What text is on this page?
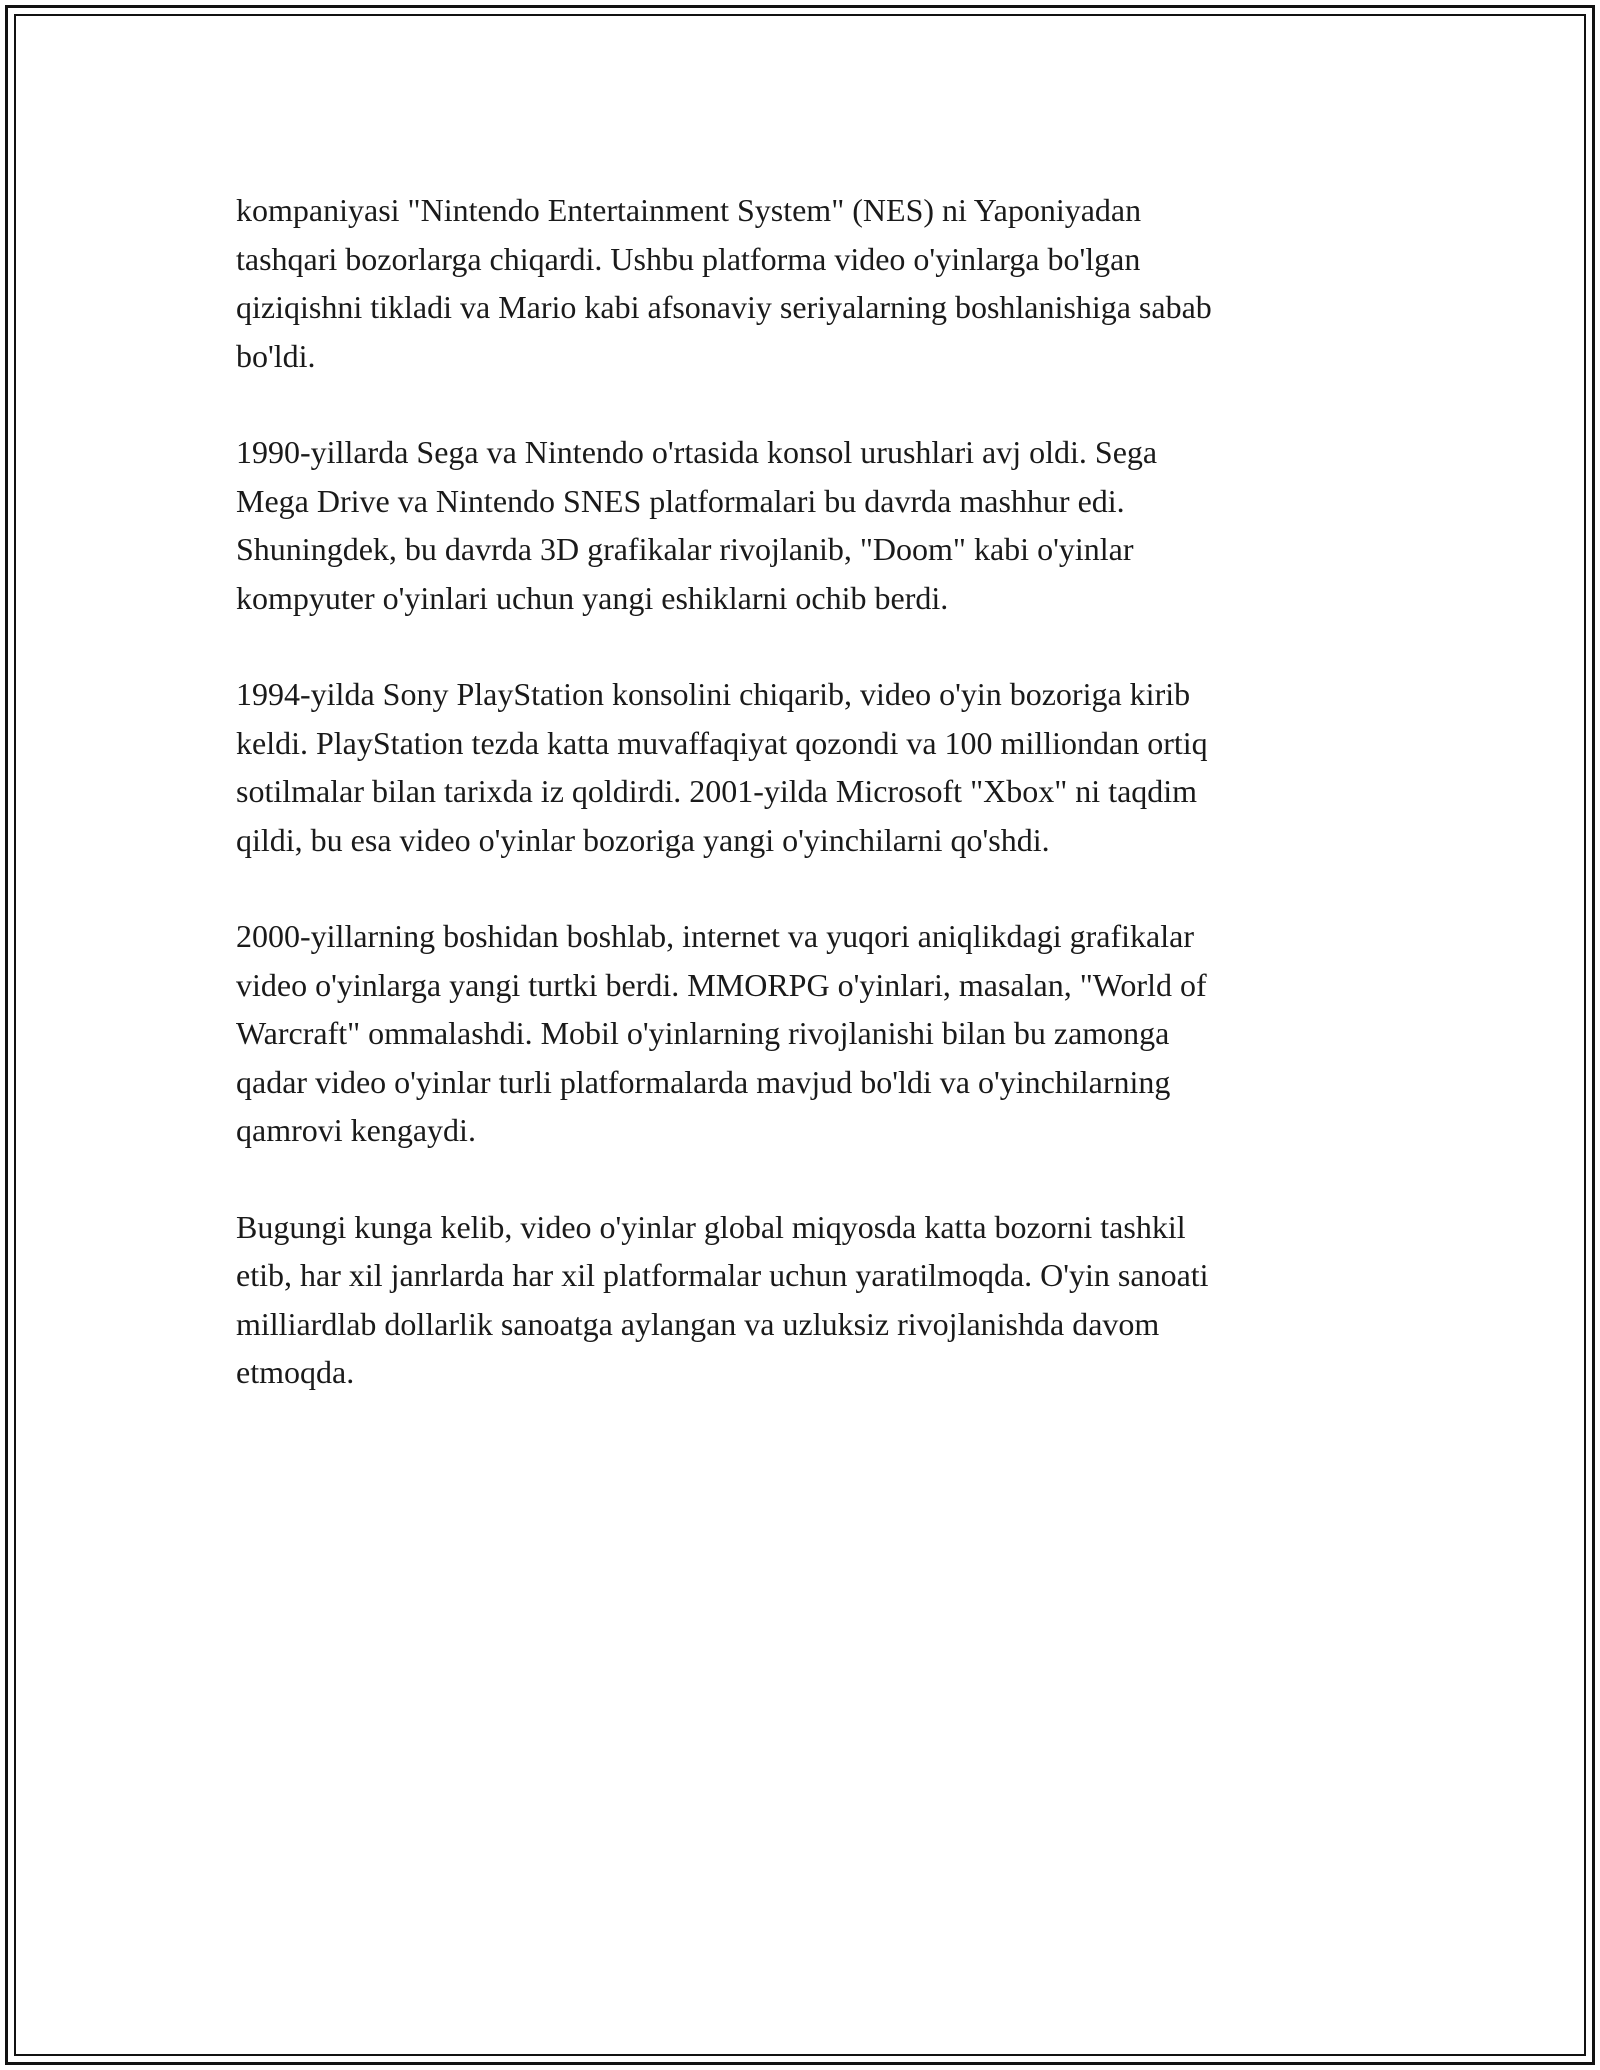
kompaniyasi "Nintendo Entertainment System" (NES) ni Yaponiyadan
tashqari bozorlarga chiqardi. Ushbu platforma video o'yinlarga bo'lgan
qiziqishni tikladi va Mario kabi afsonaviy seriyalarning boshlanishiga sabab
bo'ldi.

1990-yillarda Sega va Nintendo o'rtasida konsol urushlari avj oldi. Sega
Mega Drive va Nintendo SNES platformalari bu davrda mashhur edi.
Shuningdek, bu davrda 3D grafikalar rivojlanib, "Doom" kabi o'yinlar
kompyuter o'yinlari uchun yangi eshiklarni ochib berdi.

1994-yilda Sony PlayStation konsolini chiqarib, video o'yin bozoriga kirib
keldi. PlayStation tezda katta muvaffaqiyat qozondi va 100 milliondan ortiq
sotilmalar bilan tarixda iz qoldirdi. 2001-yilda Microsoft "Xbox" ni taqdim
qildi, bu esa video o'yinlar bozoriga yangi o'yinchilarni qo'shdi.

2000-yillarning boshidan boshlab, internet va yuqori aniqlikdagi grafikalar
video o'yinlarga yangi turtki berdi. MMORPG o'yinlari, masalan, "World of
Warcraft" ommalashdi. Mobil o'yinlarning rivojlanishi bilan bu zamonga
qadar video o'yinlar turli platformalarda mavjud bo'ldi va o'yinchilarning
qamrovi kengaydi.

Bugungi kunga kelib, video o'yinlar global miqyosda katta bozorni tashkil
etib, har xil janrlarda har xil platformalar uchun yaratilmoqda. O'yin sanoati
milliardlab dollarlik sanoatga aylangan va uzluksiz rivojlanishda davom
etmoqda.
